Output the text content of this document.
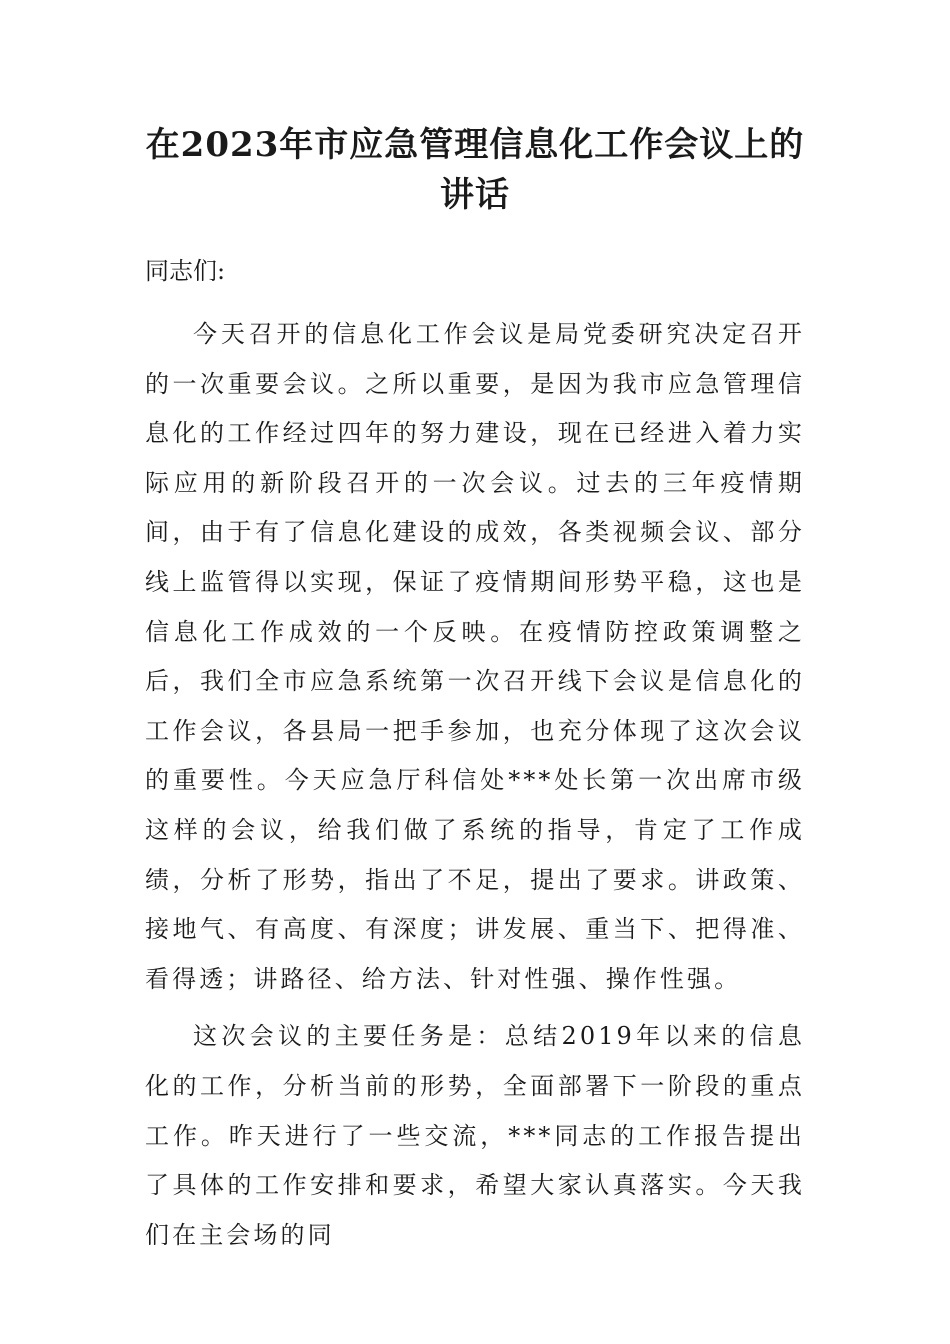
在2023年市应急管理信息化工作会议上的讲话

同志们:

今天召开的信息化工作会议是局党委研究决定召开的一次重要会议。之所以重要，是因为我市应急管理信息化的工作经过四年的努力建设，现在已经进入着力实际应用的新阶段召开的一次会议。过去的三年疫情期间，由于有了信息化建设的成效，各类视频会议、部分线上监管得以实现，保证了疫情期间形势平稳，这也是信息化工作成效的一个反映。在疫情防控政策调整之后，我们全市应急系统第一次召开线下会议是信息化的工作会议，各县局一把手参加，也充分体现了这次会议的重要性。今天应急厅科信处***处长第一次出席市级这样的会议，给我们做了系统的指导，肯定了工作成绩，分析了形势，指出了不足，提出了要求。讲政策、接地气、有高度、有深度；讲发展、重当下、把得准、看得透；讲路径、给方法、针对性强、操作性强。

这次会议的主要任务是：总结2019年以来的信息化的工作，分析当前的形势，全面部署下一阶段的重点工作。昨天进行了一些交流，***同志的工作报告提出了具体的工作安排和要求，希望大家认真落实。今天我们在主会场的同
